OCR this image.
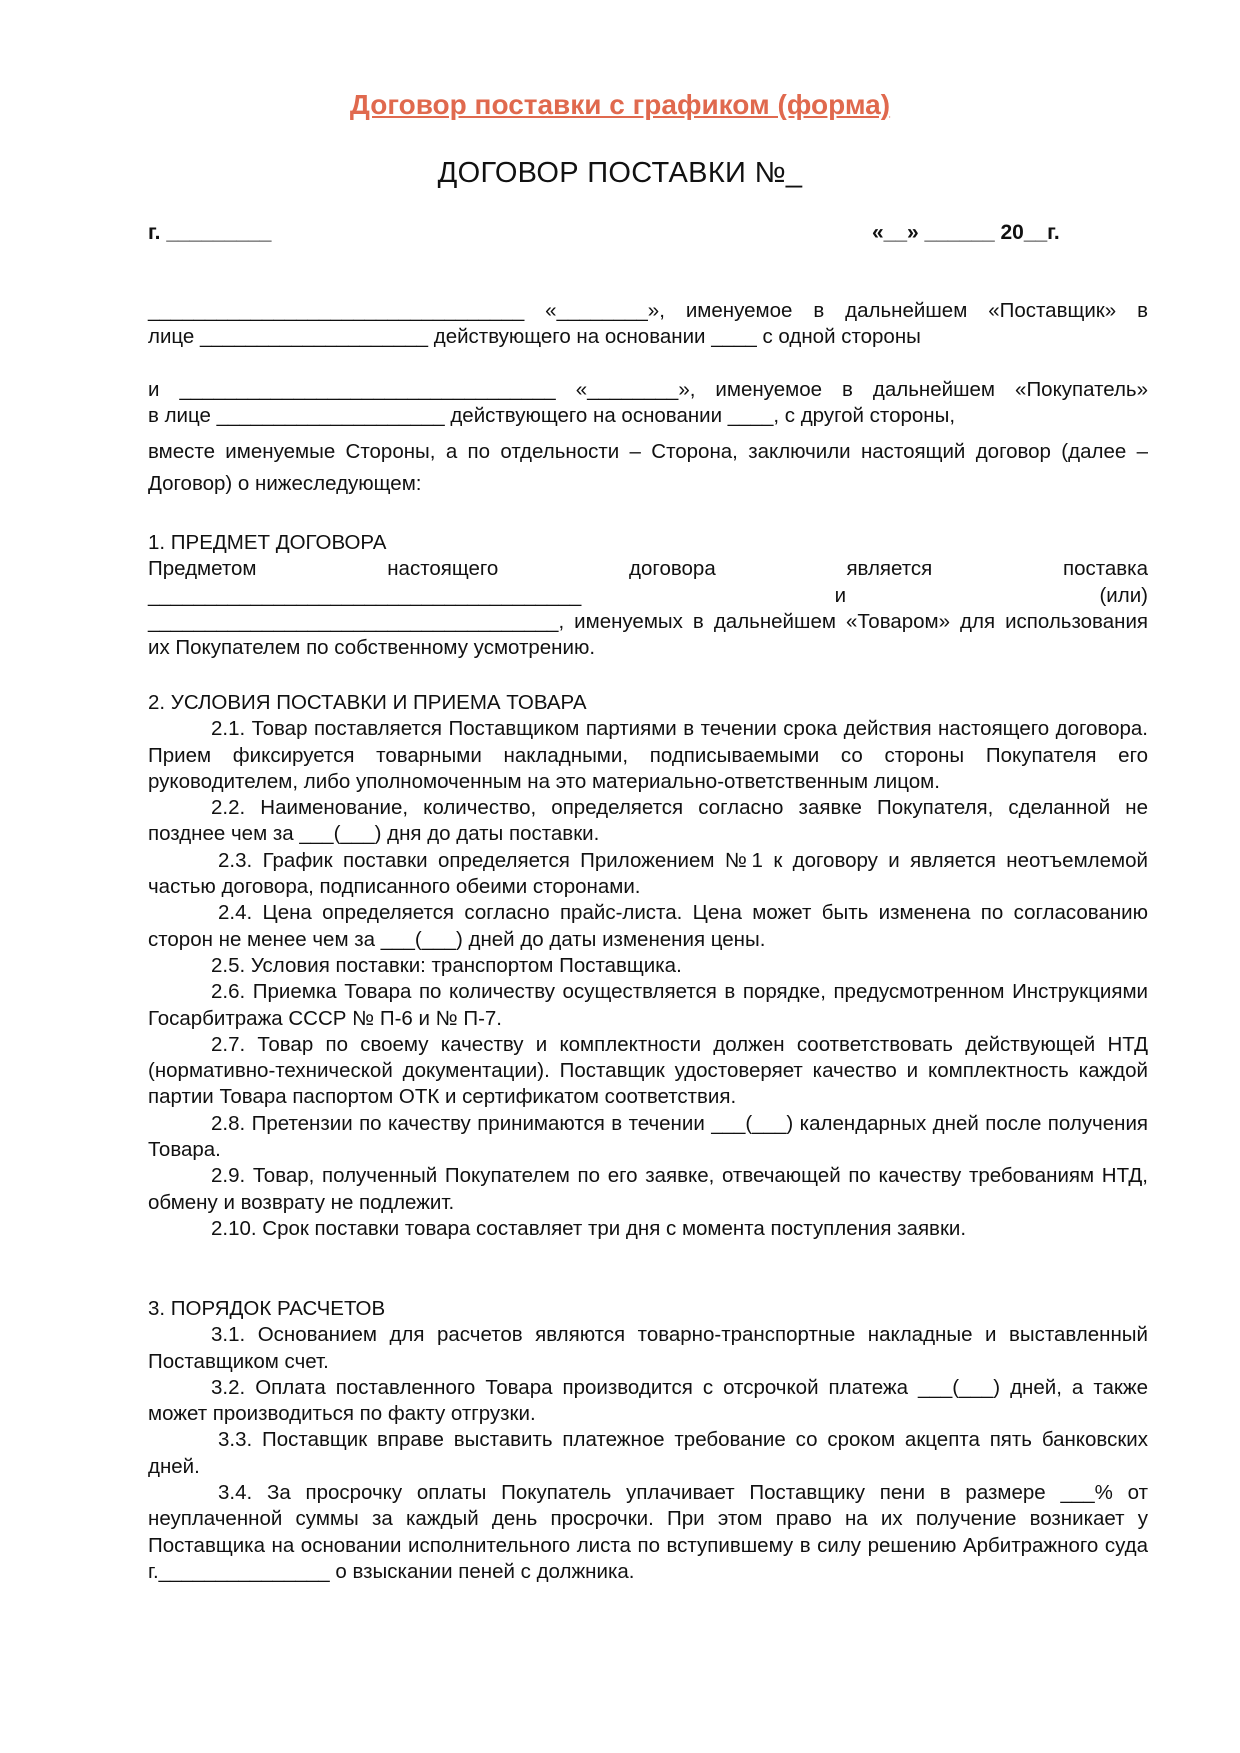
Договор поставки с графиком (форма)
ДОГОВОР ПОСТАВКИ №_
г. _________	«__» ______ 20__г.

_________________________________ «________», именуемое в дальнейшем «Поставщик» в

лице ____________________ действующего на основании ____ с одной стороны

и _________________________________ «________», именуемое в дальнейшем «Покупатель»

в лице ____________________ действующего на основании ____, с другой стороны,

вместе именуемые Стороны, а по отдельности – Сторона, заключили настоящий договор (далее – Договор) о нижеследующем:

1. ПРЕДМЕТ ДОГОВОРА

Предметом настоящего договора является поставка

______________________________________ и (или)

____________________________________, именуемых в дальнейшем «Товаром» для использования их Покупателем по собственному усмотрению.

2. УСЛОВИЯ ПОСТАВКИ И ПРИЕМА ТОВАРА

2.1. Товар поставляется Поставщиком партиями в течении срока действия настоящего договора. Прием фиксируется товарными накладными, подписываемыми со стороны Покупателя его руководителем, либо уполномоченным на это материально-ответственным лицом.

2.2. Наименование, количество, определяется согласно заявке Покупателя, сделанной не позднее чем за ___(___) дня до даты поставки.

2.3. График поставки определяется Приложением №1 к договору и является неотъемлемой частью договора, подписанного обеими сторонами.

2.4. Цена определяется согласно прайс-листа. Цена может быть изменена по согласованию сторон не менее чем за ___(___) дней до даты изменения цены.

2.5. Условия поставки: транспортом Поставщика.

2.6. Приемка Товара по количеству осуществляется в порядке, предусмотренном Инструкциями Госарбитража СССР № П-6 и № П-7.

2.7. Товар по своему качеству и комплектности должен соответствовать действующей НТД (нормативно-технической документации). Поставщик удостоверяет качество и комплектность каждой партии Товара паспортом ОТК и сертификатом соответствия.

2.8. Претензии по качеству принимаются в течении ___(___) календарных дней после получения Товара.

2.9. Товар, полученный Покупателем по его заявке, отвечающей по качеству требованиям НТД, обмену и возврату не подлежит.

2.10. Срок поставки товара составляет три дня с момента поступления заявки.

3. ПОРЯДОК РАСЧЕТОВ

3.1. Основанием для расчетов являются товарно-транспортные накладные и выставленный Поставщиком счет.

3.2. Оплата поставленного Товара производится с отсрочкой платежа ___(___) дней, а также может производиться по факту отгрузки.

3.3. Поставщик вправе выставить платежное требование со сроком акцепта пять банковских дней.

3.4. За просрочку оплаты Покупатель уплачивает Поставщику пени в размере ___% от неуплаченной суммы за каждый день просрочки. При этом право на их получение возникает у Поставщика на основании исполнительного листа по вступившему в силу решению Арбитражного суда г._______________ о взыскании пеней с должника.
